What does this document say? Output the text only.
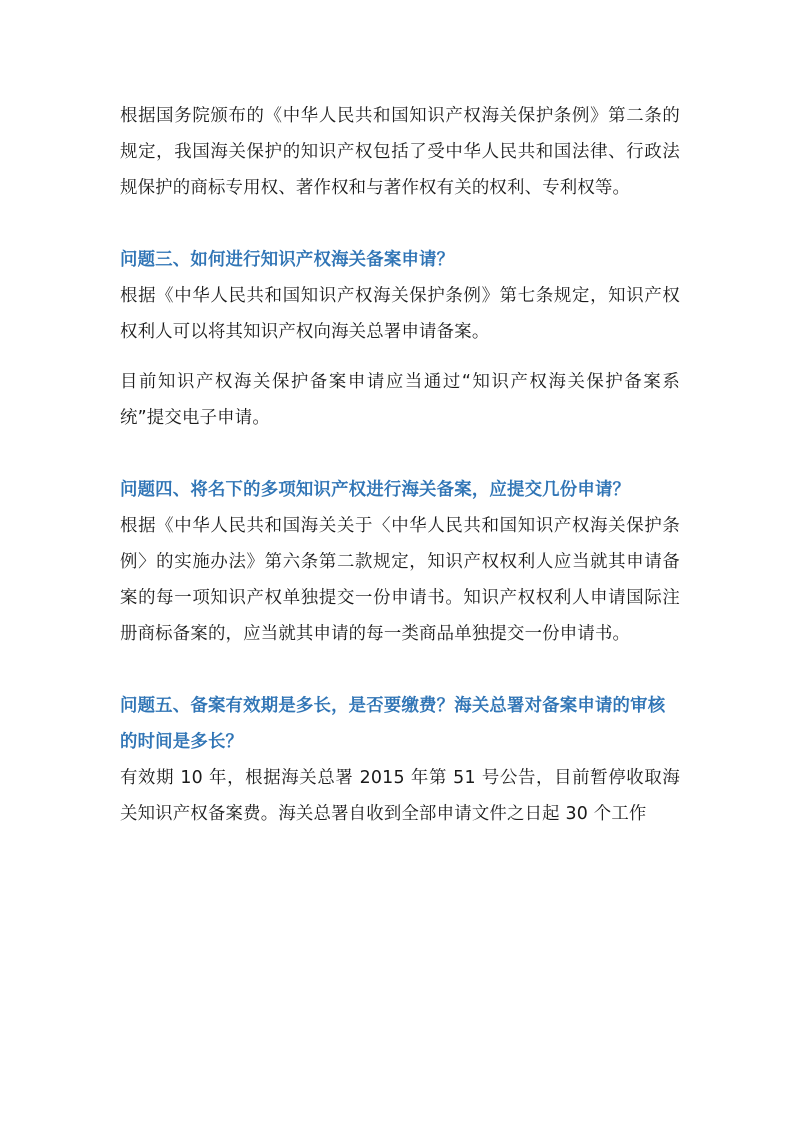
根据国务院颁布的《中华人民共和国知识产权海关保护条例》第二条的规定，我国海关保护的知识产权包括了受中华人民共和国法律、行政法规保护的商标专用权、著作权和与著作权有关的权利、专利权等。

问题三、如何进行知识产权海关备案申请？

根据《中华人民共和国知识产权海关保护条例》第七条规定，知识产权权利人可以将其知识产权向海关总署申请备案。

目前知识产权海关保护备案申请应当通过“知识产权海关保护备案系统”提交电子申请。

问题四、将名下的多项知识产权进行海关备案，应提交几份申请？

根据《中华人民共和国海关关于〈中华人民共和国知识产权海关保护条例〉的实施办法》第六条第二款规定，知识产权权利人应当就其申请备案的每一项知识产权单独提交一份申请书。知识产权权利人申请国际注册商标备案的，应当就其申请的每一类商品单独提交一份申请书。

问题五、备案有效期是多长，是否要缴费？海关总署对备案申请的审核的时间是多长？

有效期 10 年，根据海关总署 2015 年第 51 号公告，目前暂停收取海关知识产权备案费。海关总署自收到全部申请文件之日起 30 个工作
